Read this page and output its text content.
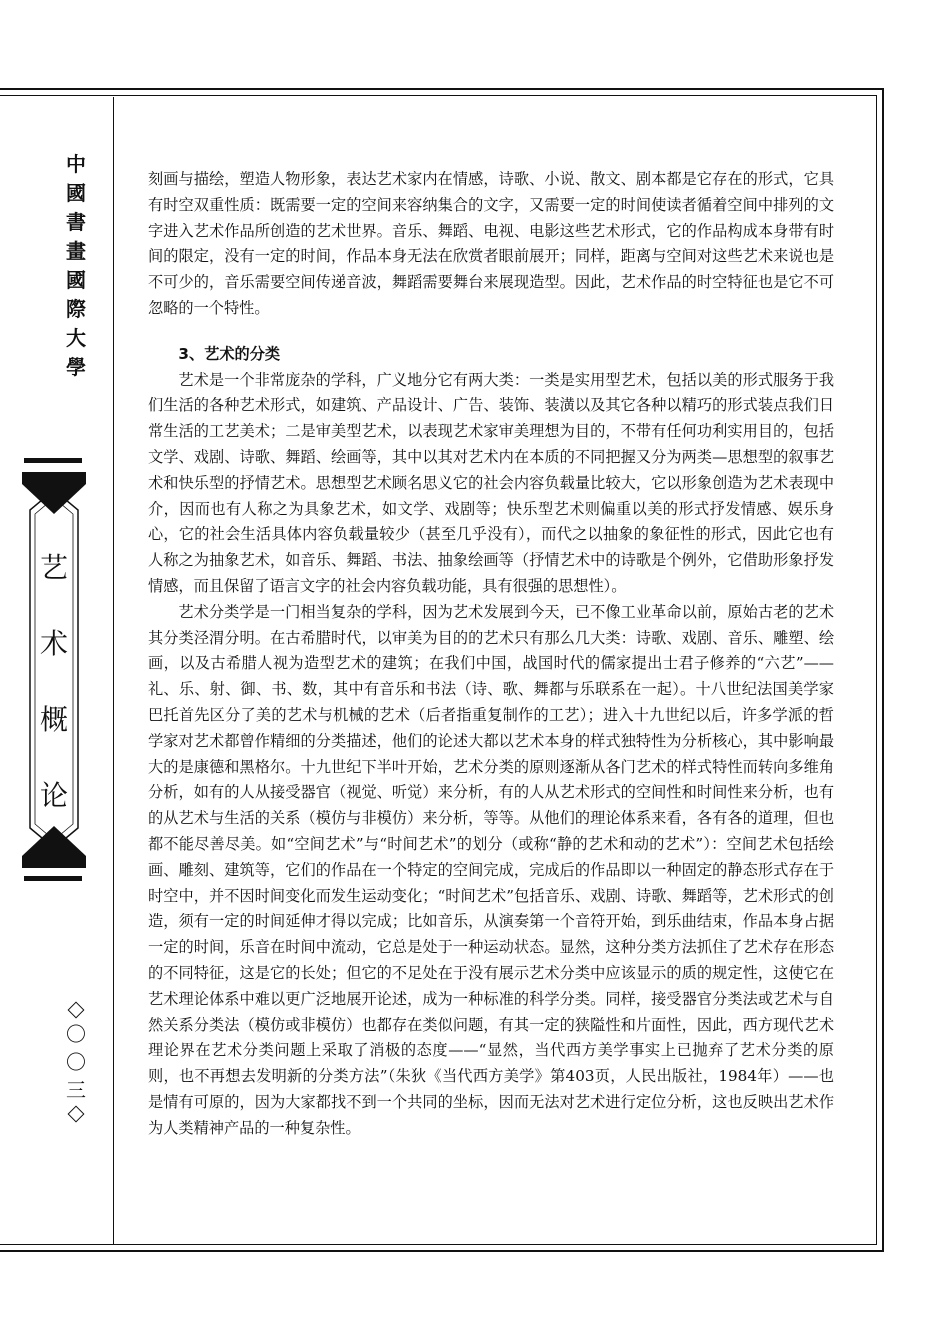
中
國
書
畫
國
際
大
學
艺
术
概
论
〇
〇
三

刻画与描绘，塑造人物形象，表达艺术家内在情感，诗歌、小说、散文、剧本都是它存在的形式，它具有时空双重性质：既需要一定的空间来容纳集合的文字，又需要一定的时间使读者循着空间中排列的文字进入艺术作品所创造的艺术世界。音乐、舞蹈、电视、电影这些艺术形式，它的作品构成本身带有时间的限定，没有一定的时间，作品本身无法在欣赏者眼前展开；同样，距离与空间对这些艺术来说也是不可少的，音乐需要空间传递音波，舞蹈需要舞台来展现造型。因此，艺术作品的时空特征也是它不可忽略的一个特性。

3、艺术的分类

艺术是一个非常庞杂的学科，广义地分它有两大类：一类是实用型艺术，包括以美的形式服务于我们生活的各种艺术形式，如建筑、产品设计、广告、装饰、装潢以及其它各种以精巧的形式装点我们日常生活的工艺美术；二是审美型艺术，以表现艺术家审美理想为目的，不带有任何功利实用目的，包括文学、戏剧、诗歌、舞蹈、绘画等，其中以其对艺术内在本质的不同把握又分为两类—思想型的叙事艺术和快乐型的抒情艺术。思想型艺术顾名思义它的社会内容负载量比较大，它以形象创造为艺术表现中介，因而也有人称之为具象艺术，如文学、戏剧等；快乐型艺术则偏重以美的形式抒发情感、娱乐身心，它的社会生活具体内容负载量较少（甚至几乎没有），而代之以抽象的象征性的形式，因此它也有人称之为抽象艺术，如音乐、舞蹈、书法、抽象绘画等（抒情艺术中的诗歌是个例外，它借助形象抒发情感，而且保留了语言文字的社会内容负载功能，具有很强的思想性）。

艺术分类学是一门相当复杂的学科，因为艺术发展到今天，已不像工业革命以前，原始古老的艺术其分类泾渭分明。在古希腊时代，以审美为目的的艺术只有那么几大类：诗歌、戏剧、音乐、雕塑、绘画，以及古希腊人视为造型艺术的建筑；在我们中国，战国时代的儒家提出士君子修养的“六艺”——礼、乐、射、御、书、数，其中有音乐和书法（诗、歌、舞都与乐联系在一起）。十八世纪法国美学家巴托首先区分了美的艺术与机械的艺术（后者指重复制作的工艺）；进入十九世纪以后，许多学派的哲学家对艺术都曾作精细的分类描述，他们的论述大都以艺术本身的样式独特性为分析核心，其中影响最大的是康德和黑格尔。十九世纪下半叶开始，艺术分类的原则逐渐从各门艺术的样式特性而转向多维角分析，如有的人从接受器官（视觉、听觉）来分析，有的人从艺术形式的空间性和时间性来分析，也有的从艺术与生活的关系（模仿与非模仿）来分析，等等。从他们的理论体系来看，各有各的道理，但也都不能尽善尽美。如“空间艺术”与“时间艺术”的划分（或称“静的艺术和动的艺术”）：空间艺术包括绘画、雕刻、建筑等，它们的作品在一个特定的空间完成，完成后的作品即以一种固定的静态形式存在于时空中，并不因时间变化而发生运动变化；“时间艺术”包括音乐、戏剧、诗歌、舞蹈等，艺术形式的创造，须有一定的时间延伸才得以完成；比如音乐，从演奏第一个音符开始，到乐曲结束，作品本身占据一定的时间，乐音在时间中流动，它总是处于一种运动状态。显然，这种分类方法抓住了艺术存在形态的不同特征，这是它的长处；但它的不足处在于没有展示艺术分类中应该显示的质的规定性，这使它在艺术理论体系中难以更广泛地展开论述，成为一种标准的科学分类。同样，接受器官分类法或艺术与自然关系分类法（模仿或非模仿）也都存在类似问题，有其一定的狭隘性和片面性，因此，西方现代艺术理论界在艺术分类问题上采取了消极的态度——“显然，当代西方美学事实上已抛弃了艺术分类的原则，也不再想去发明新的分类方法”（朱狄《当代西方美学》第403页，人民出版社，1984年）——也是情有可原的，因为大家都找不到一个共同的坐标，因而无法对艺术进行定位分析，这也反映出艺术作为人类精神产品的一种复杂性。
